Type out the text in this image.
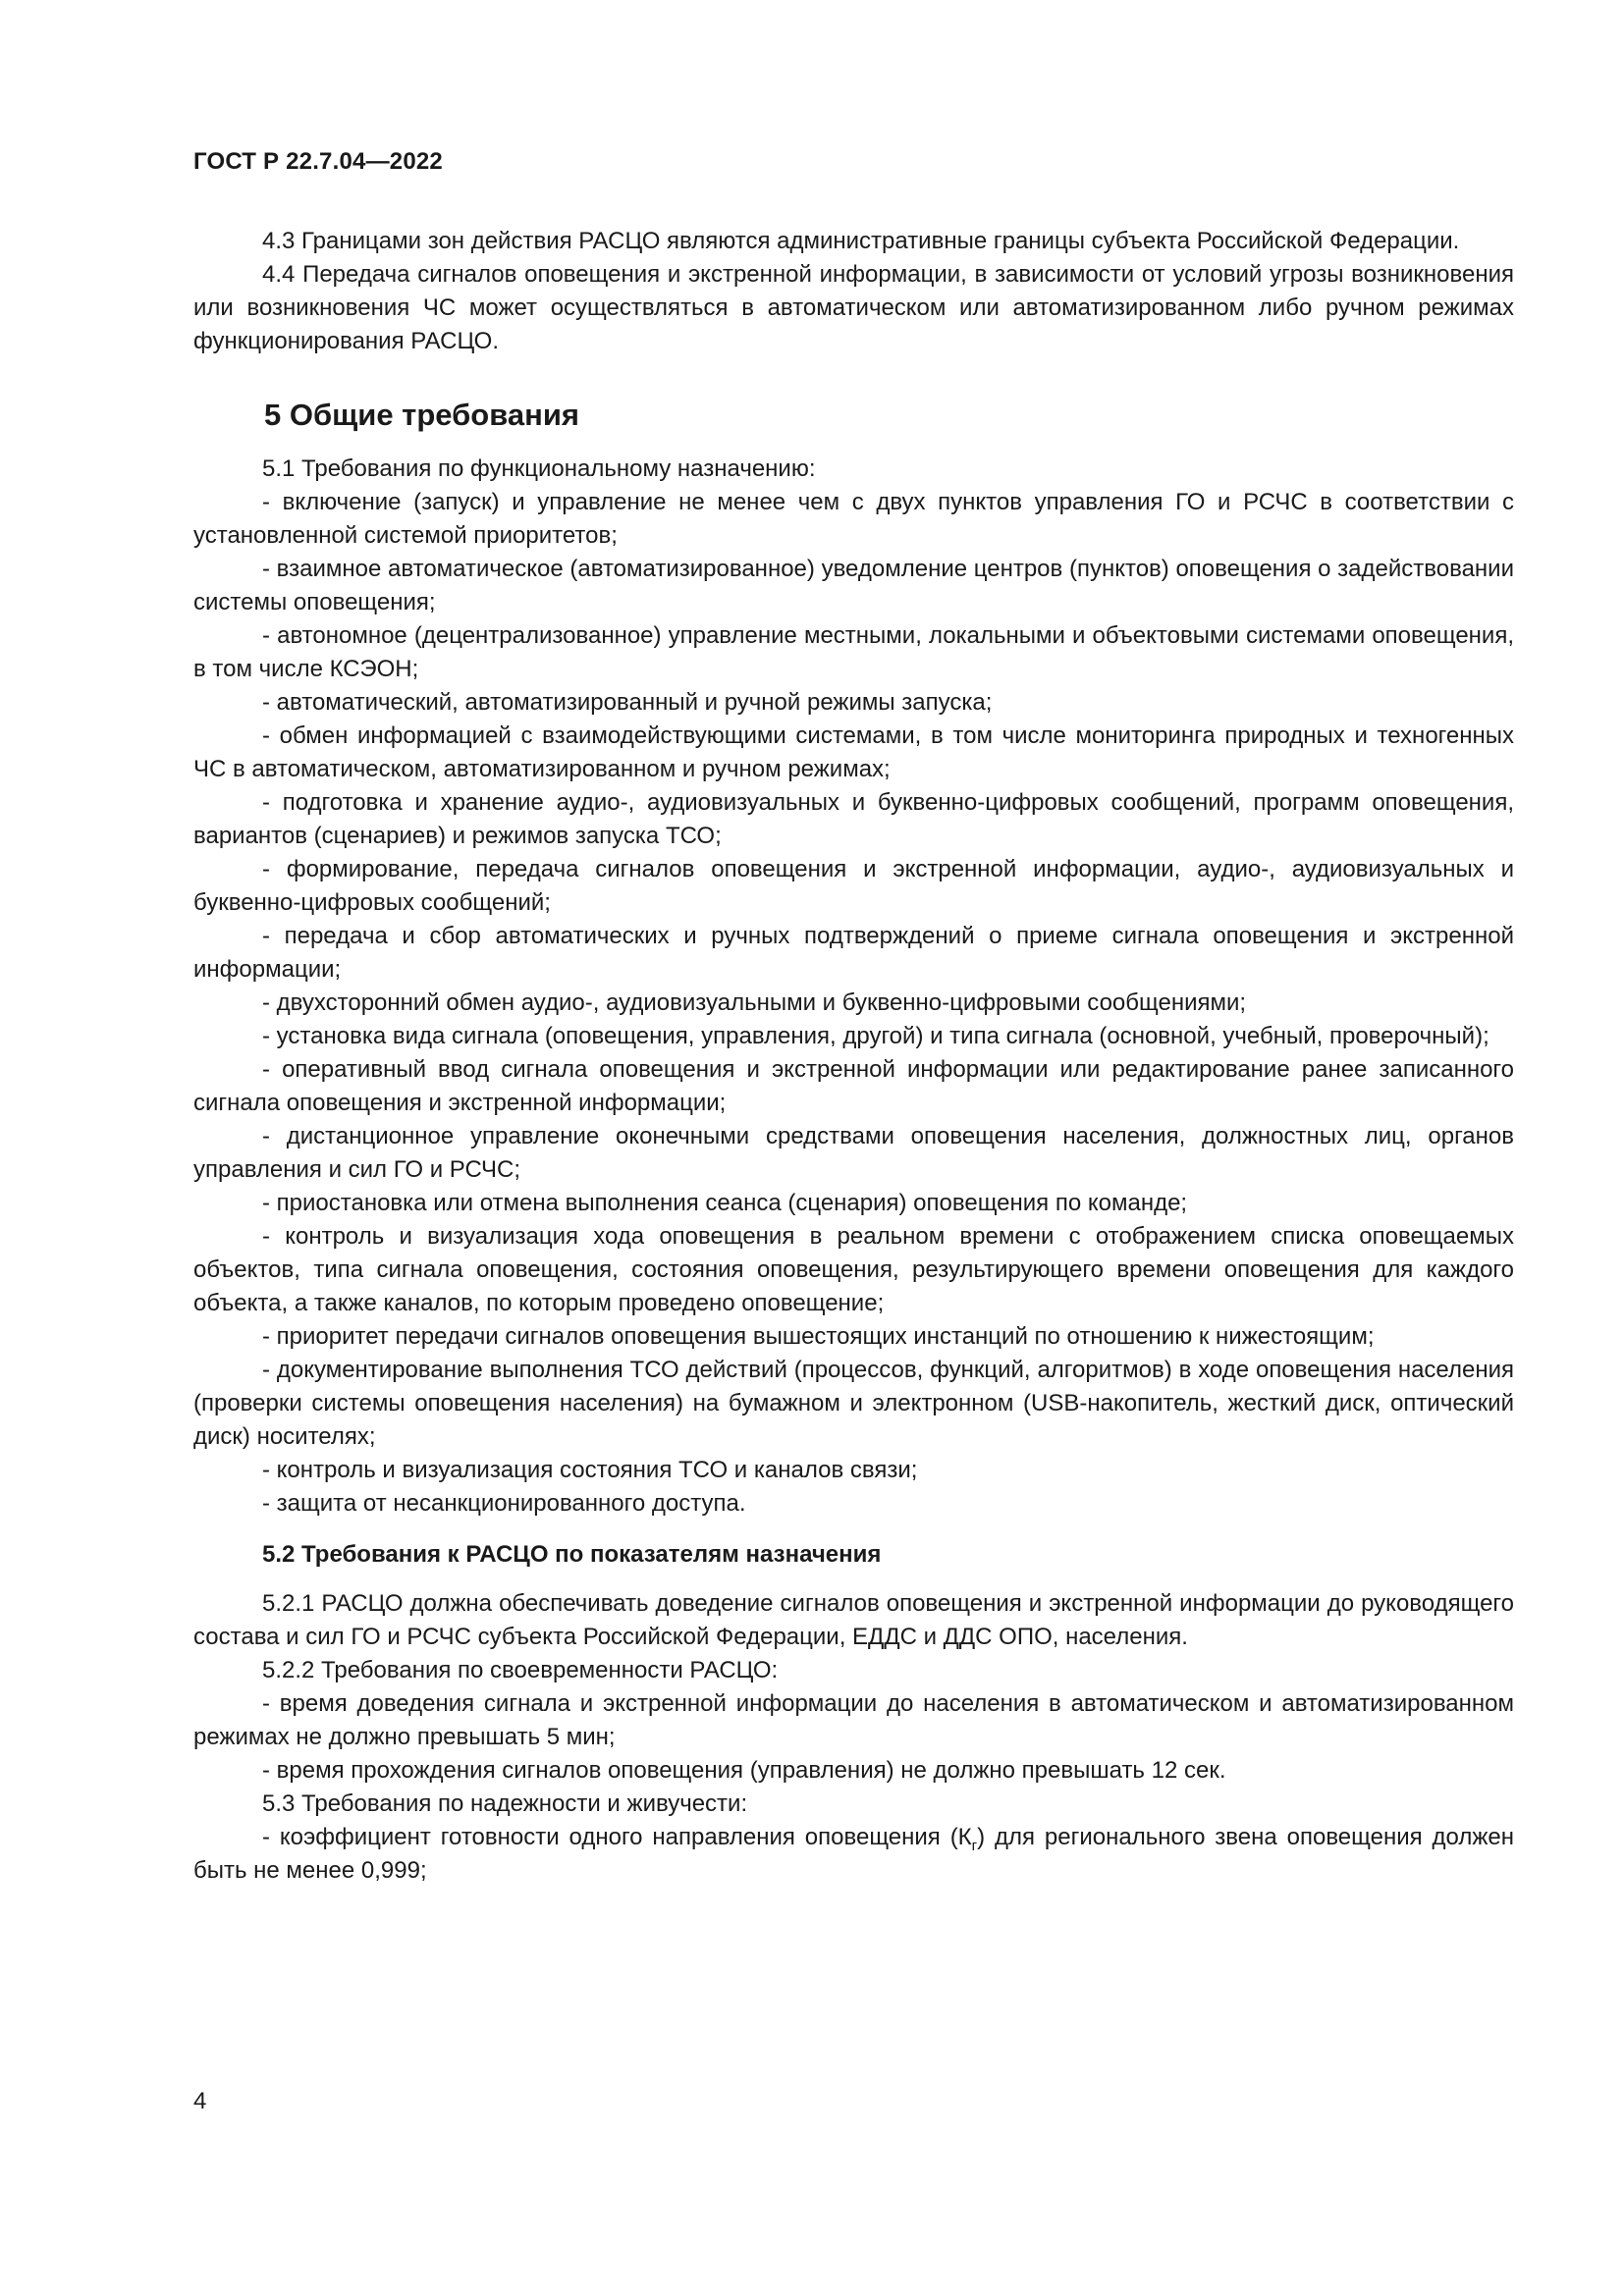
ГОСТ Р 22.7.04—2022

4.3 Границами зон действия РАСЦО являются административные границы субъекта Российской Федерации.

4.4 Передача сигналов оповещения и экстренной информации, в зависимости от условий угрозы возникновения или возникновения ЧС может осуществляться в автоматическом или автоматизированном либо ручном режимах функционирования РАСЦО.

5 Общие требования

5.1 Требования по функциональному назначению:

- включение (запуск) и управление не менее чем с двух пунктов управления ГО и РСЧС в соответствии с установленной системой приоритетов;

- взаимное автоматическое (автоматизированное) уведомление центров (пунктов) оповещения о задействовании системы оповещения;

- автономное (децентрализованное) управление местными, локальными и объектовыми системами оповещения, в том числе КСЭОН;

- автоматический, автоматизированный и ручной режимы запуска;

- обмен информацией с взаимодействующими системами, в том числе мониторинга природных и техногенных ЧС в автоматическом, автоматизированном и ручном режимах;

- подготовка и хранение аудио-, аудиовизуальных и буквенно-цифровых сообщений, программ оповещения, вариантов (сценариев) и режимов запуска ТСО;

- формирование, передача сигналов оповещения и экстренной информации, аудио-, аудиовизуальных и буквенно-цифровых сообщений;

- передача и сбор автоматических и ручных подтверждений о приеме сигнала оповещения и экстренной информации;

- двухсторонний обмен аудио-, аудиовизуальными и буквенно-цифровыми сообщениями;

- установка вида сигнала (оповещения, управления, другой) и типа сигнала (основной, учебный, проверочный);

- оперативный ввод сигнала оповещения и экстренной информации или редактирование ранее записанного сигнала оповещения и экстренной информации;

- дистанционное управление оконечными средствами оповещения населения, должностных лиц, органов управления и сил ГО и РСЧС;

- приостановка или отмена выполнения сеанса (сценария) оповещения по команде;

- контроль и визуализация хода оповещения в реальном времени с отображением списка оповещаемых объектов, типа сигнала оповещения, состояния оповещения, результирующего времени оповещения для каждого объекта, а также каналов, по которым проведено оповещение;

- приоритет передачи сигналов оповещения вышестоящих инстанций по отношению к нижестоящим;

- документирование выполнения ТСО действий (процессов, функций, алгоритмов) в ходе оповещения населения (проверки системы оповещения населения) на бумажном и электронном (USB-накопитель, жесткий диск, оптический диск) носителях;

- контроль и визуализация состояния ТСО и каналов связи;

- защита от несанкционированного доступа.

5.2 Требования к РАСЦО по показателям назначения

5.2.1 РАСЦО должна обеспечивать доведение сигналов оповещения и экстренной информации до руководящего состава и сил ГО и РСЧС субъекта Российской Федерации, ЕДДС и ДДС ОПО, населения.

5.2.2 Требования по своевременности РАСЦО:

- время доведения сигнала и экстренной информации до населения в автоматическом и автоматизированном режимах не должно превышать 5 мин;

- время прохождения сигналов оповещения (управления) не должно превышать 12 сек.

5.3 Требования по надежности и живучести:

- коэффициент готовности одного направления оповещения $(К_г)$ для регионального звена оповещения должен быть не менее 0,999;

4
